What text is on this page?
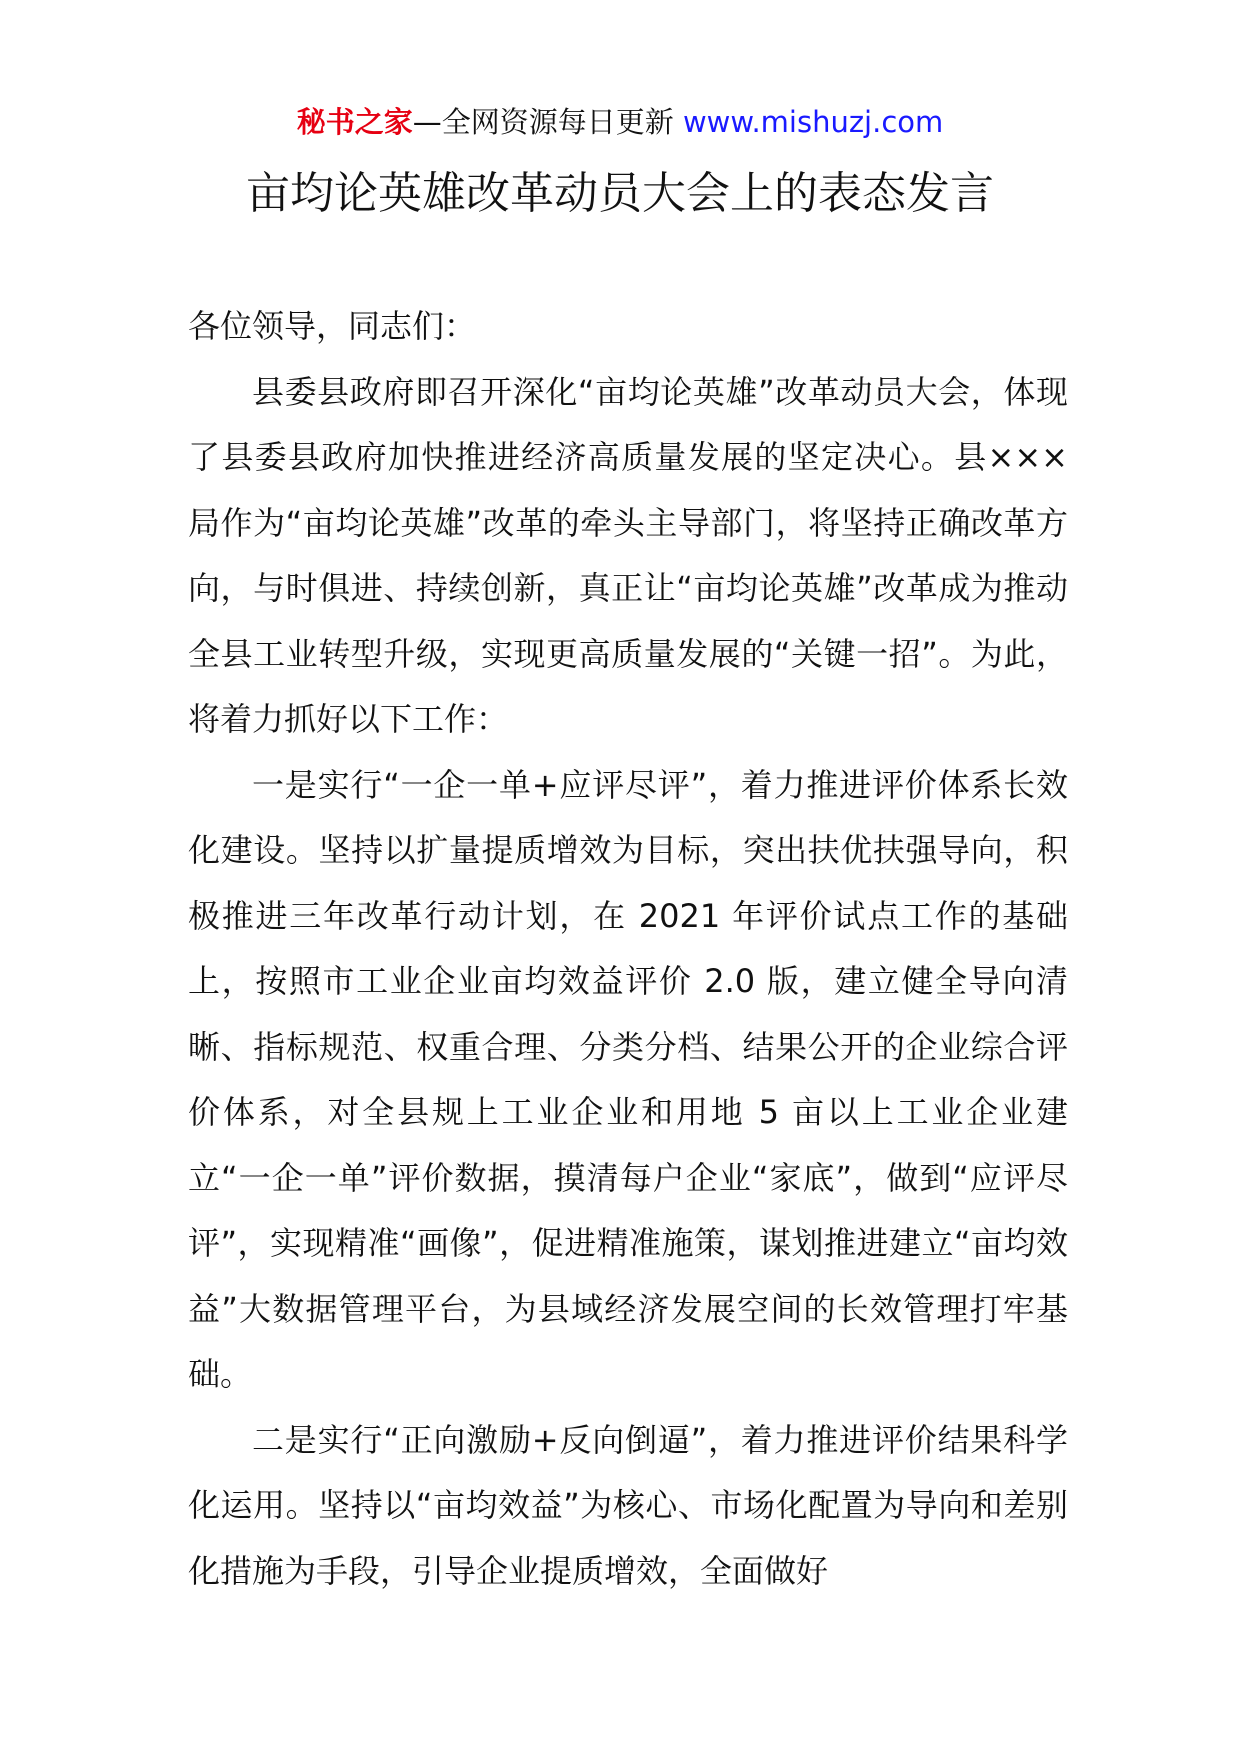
秘书之家—全网资源每日更新 www.mishuzj.com
亩均论英雄改革动员大会上的表态发言

各位领导，同志们：

县委县政府即召开深化“亩均论英雄”改革动员大会，体现了县委县政府加快推进经济高质量发展的坚定决心。县×××局作为“亩均论英雄”改革的牵头主导部门，将坚持正确改革方向，与时俱进、持续创新，真正让“亩均论英雄”改革成为推动全县工业转型升级，实现更高质量发展的“关键一招”。为此，将着力抓好以下工作：

一是实行“一企一单+应评尽评”，着力推进评价体系长效化建设。坚持以扩量提质增效为目标，突出扶优扶强导向，积极推进三年改革行动计划，在 2021 年评价试点工作的基础上，按照市工业企业亩均效益评价 2.0 版，建立健全导向清晰、指标规范、权重合理、分类分档、结果公开的企业综合评价体系，对全县规上工业企业和用地 5 亩以上工业企业建立“一企一单”评价数据，摸清每户企业“家底”，做到“应评尽评”，实现精准“画像”，促进精准施策，谋划推进建立“亩均效益”大数据管理平台，为县域经济发展空间的长效管理打牢基础。

二是实行“正向激励+反向倒逼”，着力推进评价结果科学化运用。坚持以“亩均效益”为核心、市场化配置为导向和差别化措施为手段，引导企业提质增效，全面做好
